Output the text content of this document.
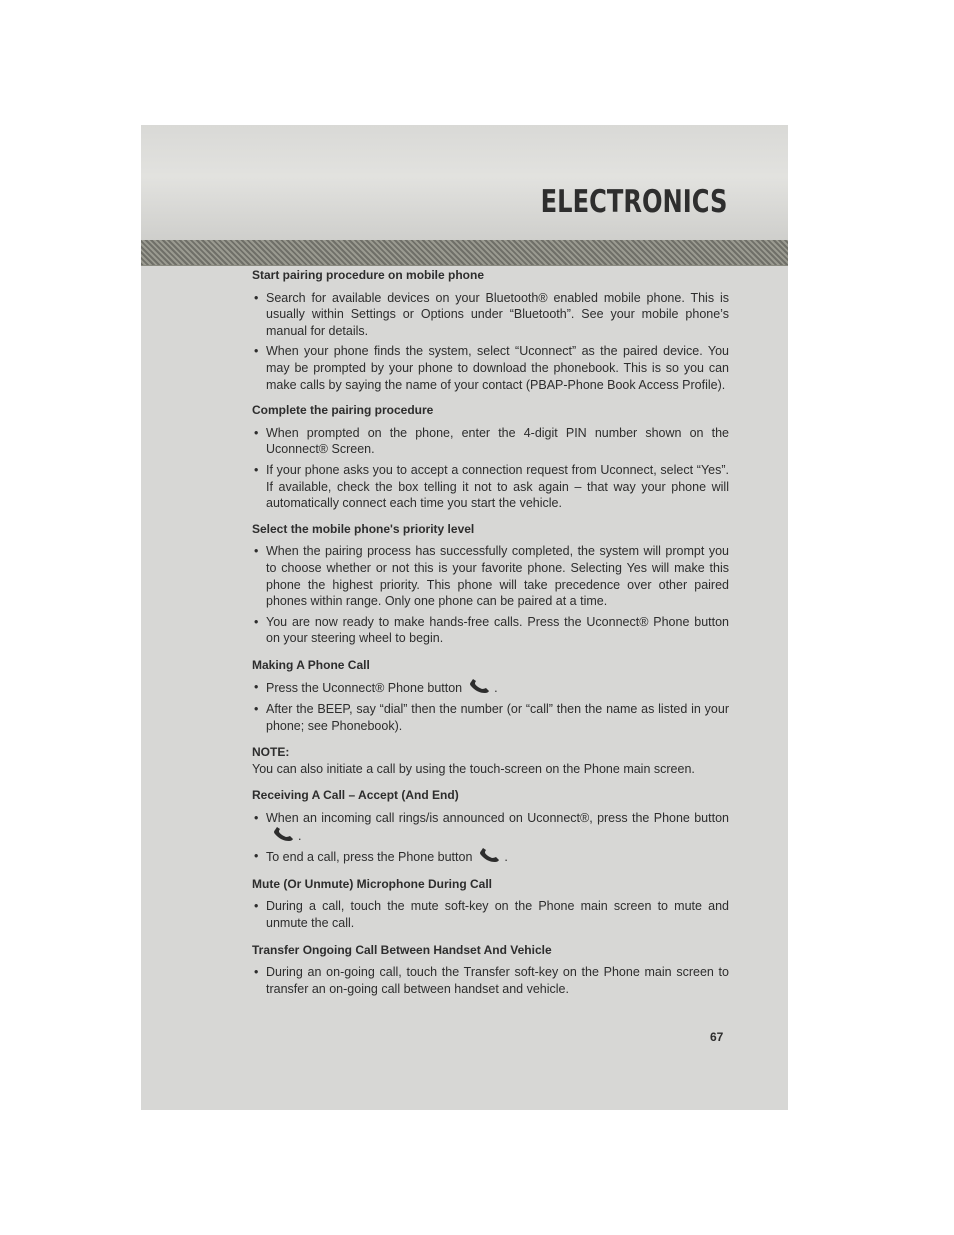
ELECTRONICS

Start pairing procedure on mobile phone

• Search for available devices on your Bluetooth® enabled mobile phone. This is usually within Settings or Options under “Bluetooth”. See your mobile phone’s manual for details.

• When your phone finds the system, select “Uconnect” as the paired device. You may be prompted by your phone to download the phonebook. This is so you can make calls by saying the name of your contact (PBAP-Phone Book Access Profile).

Complete the pairing procedure

• When prompted on the phone, enter the 4-digit PIN number shown on the Uconnect® Screen.

• If your phone asks you to accept a connection request from Uconnect, select “Yes”. If available, check the box telling it not to ask again – that way your phone will automatically connect each time you start the vehicle.

Select the mobile phone's priority level

• When the pairing process has successfully completed, the system will prompt you to choose whether or not this is your favorite phone. Selecting Yes will make this phone the highest priority. This phone will take precedence over other paired phones within range. Only one phone can be paired at a time.

• You are now ready to make hands-free calls. Press the Uconnect® Phone button on your steering wheel to begin.

Making A Phone Call

• Press the Uconnect® Phone button	.

• After the BEEP, say “dial” then the number (or “call” then the name as listed in your phone; see Phonebook).

NOTE:

You can also initiate a call by using the touch-screen on the Phone main screen.

Receiving A Call – Accept (And End)

• When an incoming call rings/is announced on Uconnect®, press the Phone button.

• To end a call, press the Phone button	.

Mute (Or Unmute) Microphone During Call

• During a call, touch the mute soft-key on the Phone main screen to mute and unmute the call.

Transfer Ongoing Call Between Handset And Vehicle

• During an on-going call, touch the Transfer soft-key on the Phone main screen to transfer an on-going call between handset and vehicle.

67
